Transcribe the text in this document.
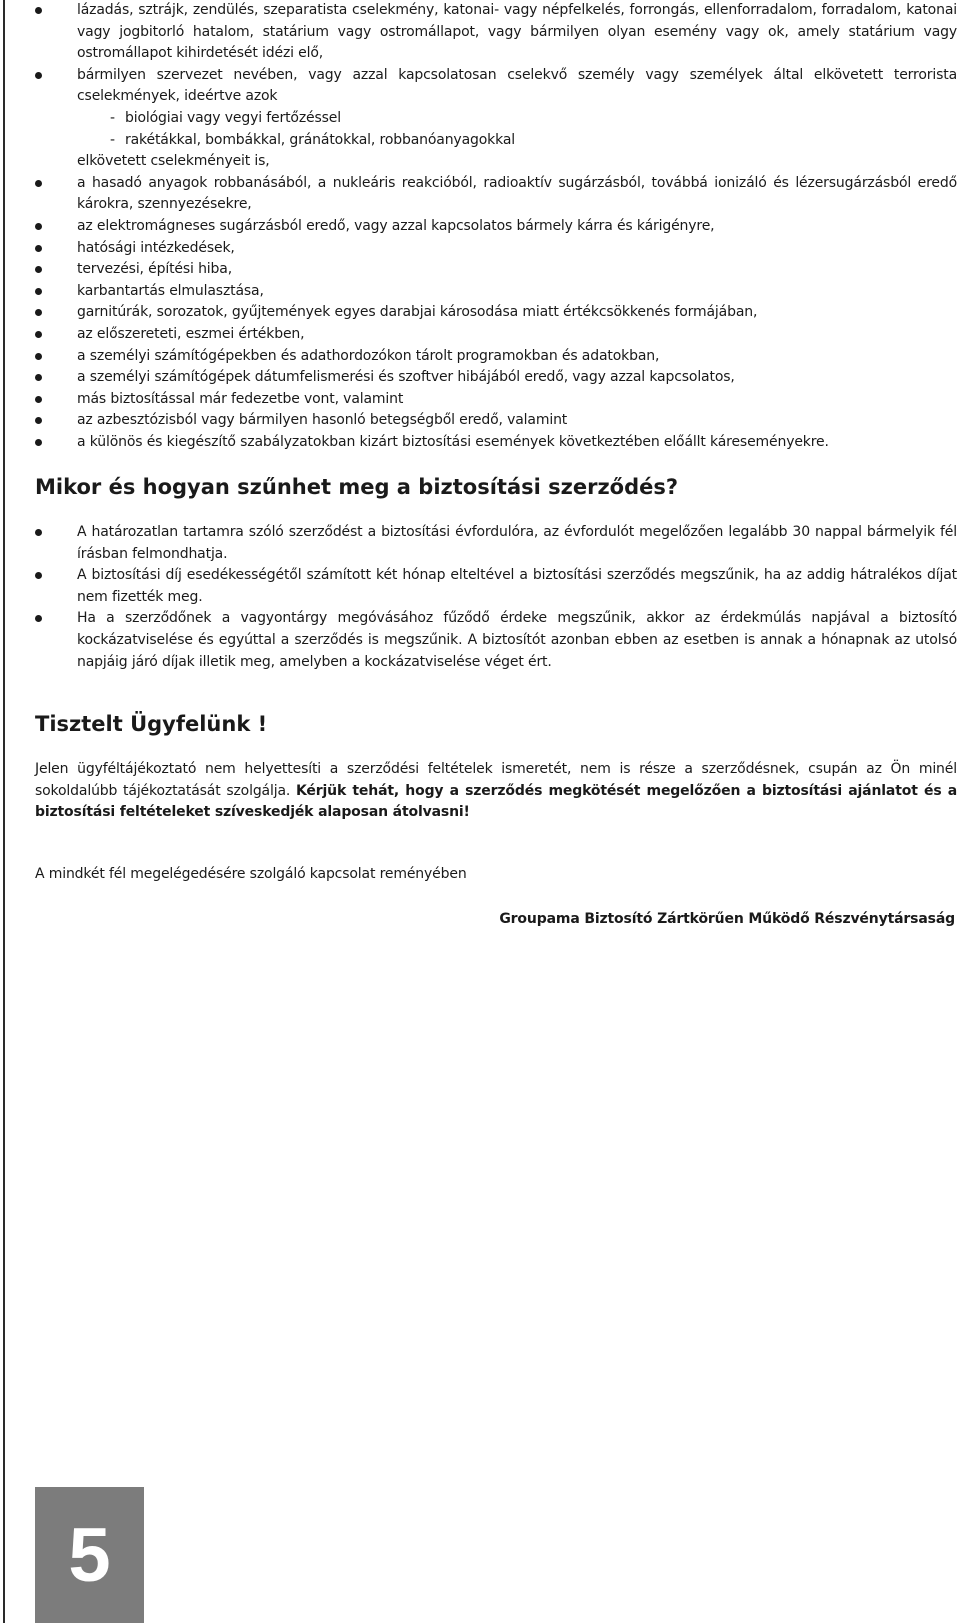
lázadás, sztrájk, zendülés, szeparatista cselekmény, katonai- vagy népfelkelés, forrongás, ellenforradalom, forradalom, katonai vagy jogbitorló hatalom, statárium vagy ostromállapot, vagy bármilyen olyan esemény vagy ok, amely statárium vagy ostromállapot kihirdetését idézi elő,
bármilyen szervezet nevében, vagy azzal kapcsolatosan cselekvő személy vagy személyek által elkövetett terrorista cselekmények, ideértve azok
- biológiai vagy vegyi fertőzéssel
- rakétákkal, bombákkal, gránátokkal, robbanóanyagokkal
elkövetett cselekményeit is,
a hasadó anyagok robbanásából, a nukleáris reakcióból, radioaktív sugárzásból, továbbá ionizáló és lézersugárzásból eredő károkra, szennyezésekre,
az elektromágneses sugárzásból eredő, vagy azzal kapcsolatos bármely kárra és kárigényre,
hatósági intézkedések,
tervezési, építési hiba,
karbantartás elmulasztása,
garnitúrák, sorozatok, gyűjtemények egyes darabjai károsodása miatt értékcsökkenés formájában,
az előszereteti, eszmei értékben,
a személyi számítógépekben és adathordozókon tárolt programokban és adatokban,
a személyi számítógépek dátumfelismerési és szoftver hibájából eredő, vagy azzal kapcsolatos,
más biztosítással már fedezetbe vont, valamint
az azbesztózisból vagy bármilyen hasonló betegségből eredő, valamint
a különös és kiegészítő szabályzatokban kizárt biztosítási események következtében előállt káreseményekre.
Mikor és hogyan szűnhet meg a biztosítási szerződés?
A határozatlan tartamra szóló szerződést a biztosítási évfordulóra, az évfordulót megelőzően legalább 30 nappal bármelyik fél írásban felmondhatja.
A biztosítási díj esedékességétől számított két hónap elteltével a biztosítási szerződés megszűnik, ha az addig hátralékos díjat nem fizették meg.
Ha a szerződőnek a vagyontárgy megóvásához fűződő érdeke megszűnik, akkor az érdekmúlás napjával a biztosító kockázatviselése és egyúttal a szerződés is megszűnik. A biztosítót azonban ebben az esetben is annak a hónapnak az utolsó napjáig járó díjak illetik meg, amelyben a kockázatviselése véget ért.
Tisztelt Ügyfelünk !
Jelen ügyféltájékoztató nem helyettesíti a szerződési feltételek ismeretét, nem is része a szerződésnek, csupán az Ön minél sokoldalúbb tájékoztatását szolgálja. Kérjük tehát, hogy a szerződés megkötését megelőzően a biztosítási ajánlatot és a biztosítási feltételeket szíveskedjék alaposan átolvasni!
A mindkét fél megelégedésére szolgáló kapcsolat reményében
Groupama Biztosító Zártkörűen Működő Részvénytársaság
5
